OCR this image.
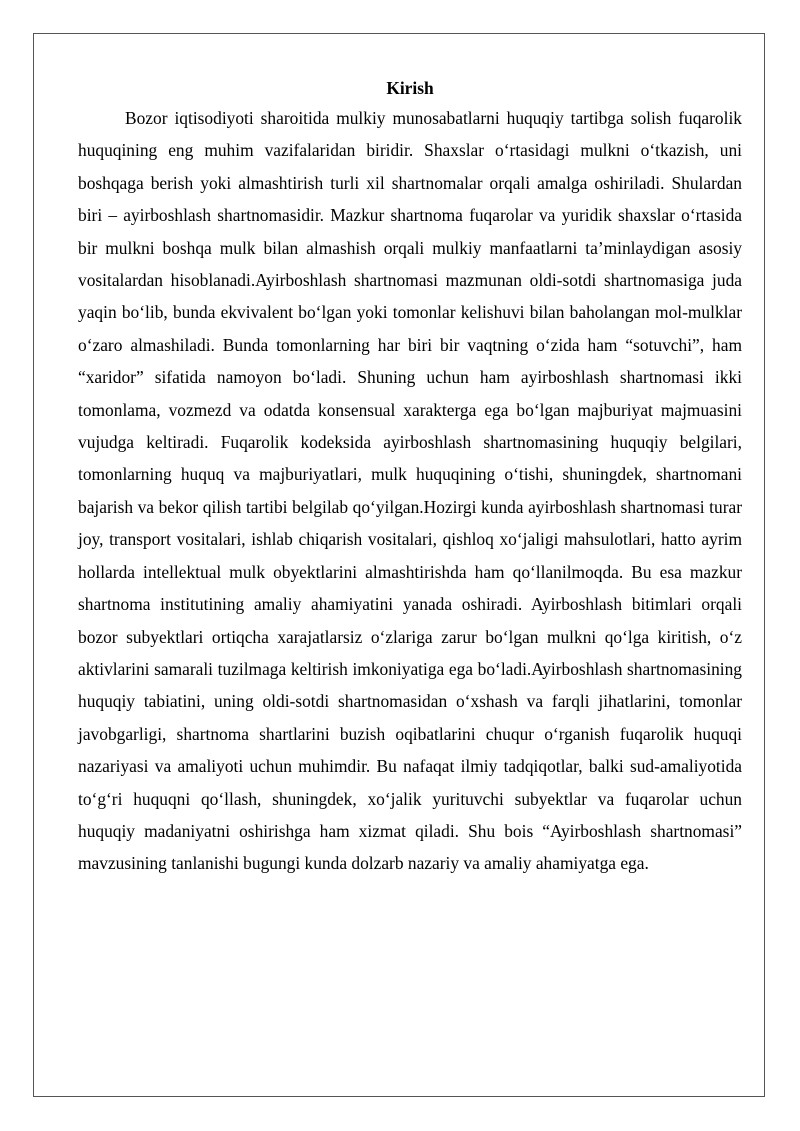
Kirish

Bozor iqtisodiyoti sharoitida mulkiy munosabatlarni huquqiy tartibga solish fuqarolik huquqining eng muhim vazifalaridan biridir. Shaxslar o‘rtasidagi mulkni o‘tkazish, uni boshqaga berish yoki almashtirish turli xil shartnomalar orqali amalga oshiriladi. Shulardan biri – ayirboshlash shartnomasidir. Mazkur shartnoma fuqarolar va yuridik shaxslar o‘rtasida bir mulkni boshqa mulk bilan almashish orqali mulkiy manfaatlarni ta’minlaydigan asosiy vositalardan hisoblanadi.Ayirboshlash shartnomasi mazmunan oldi-sotdi shartnomasiga juda yaqin bo‘lib, bunda ekvivalent bo‘lgan yoki tomonlar kelishuvi bilan baholangan mol-mulklar o‘zaro almashiladi. Bunda tomonlarning har biri bir vaqtning o‘zida ham “sotuvchi”, ham “xaridor” sifatida namoyon bo‘ladi. Shuning uchun ham ayirboshlash shartnomasi ikki tomonlama, vozmezd va odatda konsensual xarakterga ega bo‘lgan majburiyat majmuasini vujudga keltiradi. Fuqarolik kodeksida ayirboshlash shartnomasining huquqiy belgilari, tomonlarning huquq va majburiyatlari, mulk huquqining o‘tishi, shuningdek, shartnomani bajarish va bekor qilish tartibi belgilab qo‘yilgan.Hozirgi kunda ayirboshlash shartnomasi turar joy, transport vositalari, ishlab chiqarish vositalari, qishloq xo‘jaligi mahsulotlari, hatto ayrim hollarda intellektual mulk obyektlarini almashtirishda ham qo‘llanilmoqda. Bu esa mazkur shartnoma institutining amaliy ahamiyatini yanada oshiradi. Ayirboshlash bitimlari orqali bozor subyektlari ortiqcha xarajatlarsiz o‘zlariga zarur bo‘lgan mulkni qo‘lga kiritish, o‘z aktivlarini samarali tuzilmaga keltirish imkoniyatiga ega bo‘ladi.Ayirboshlash shartnomasining huquqiy tabiatini, uning oldi-sotdi shartnomasidan o‘xshash va farqli jihatlarini, tomonlar javobgarligi, shartnoma shartlarini buzish oqibatlarini chuqur o‘rganish fuqarolik huquqi nazariyasi va amaliyoti uchun muhimdir. Bu nafaqat ilmiy tadqiqotlar, balki sud-amaliyotida to‘g‘ri huquqni qo‘llash, shuningdek, xo‘jalik yurituvchi subyektlar va fuqarolar uchun huquqiy madaniyatni oshirishga ham xizmat qiladi. Shu bois “Ayirboshlash shartnomasi” mavzusining tanlanishi bugungi kunda dolzarb nazariy va amaliy ahamiyatga ega.
